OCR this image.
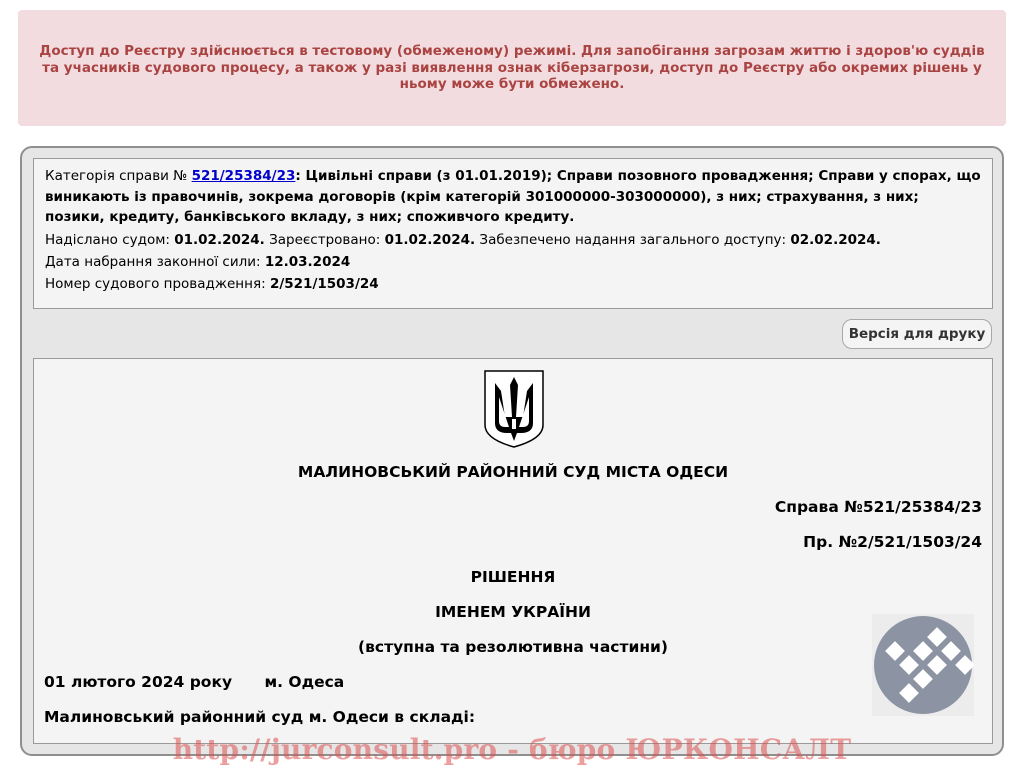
Доступ до Реєстру здійснюється в тестовому (обмеженому) режимі. Для запобігання загрозам життю і здоров'ю суддів та учасників судового процесу, а також у разі виявлення ознак кіберзагрози, доступ до Реєстру або окремих рішень у ньому може бути обмежено.

Категорія справи № 521/25384/23: Цивільні справи (з 01.01.2019); Справи позовного провадження; Справи у спорах, що виникають із правочинів, зокрема договорів (крім категорій 301000000-303000000), з них; страхування, з них; позики, кредиту, банківського вкладу, з них; споживчого кредиту.
Надіслано судом: 01.02.2024. Зареєстровано: 01.02.2024. Забезпечено надання загального доступу: 02.02.2024.
Дата набрання законної сили: 12.03.2024
Номер судового провадження: 2/521/1503/24
Версія для друку
МАЛИНОВСЬКИЙ РАЙОННИЙ СУД МІСТА ОДЕСИ
Справа №521/25384/23
Пр. №2/521/1503/24
РІШЕННЯ
ІМЕНЕМ УКРАЇНИ
(вступна та резолютивна частини)
01 лютого 2024 року      м. Одеса
Малиновський районний суд м. Одеси в складі:
http://jurconsult.pro - бюро ЮРКОНСАЛТ
